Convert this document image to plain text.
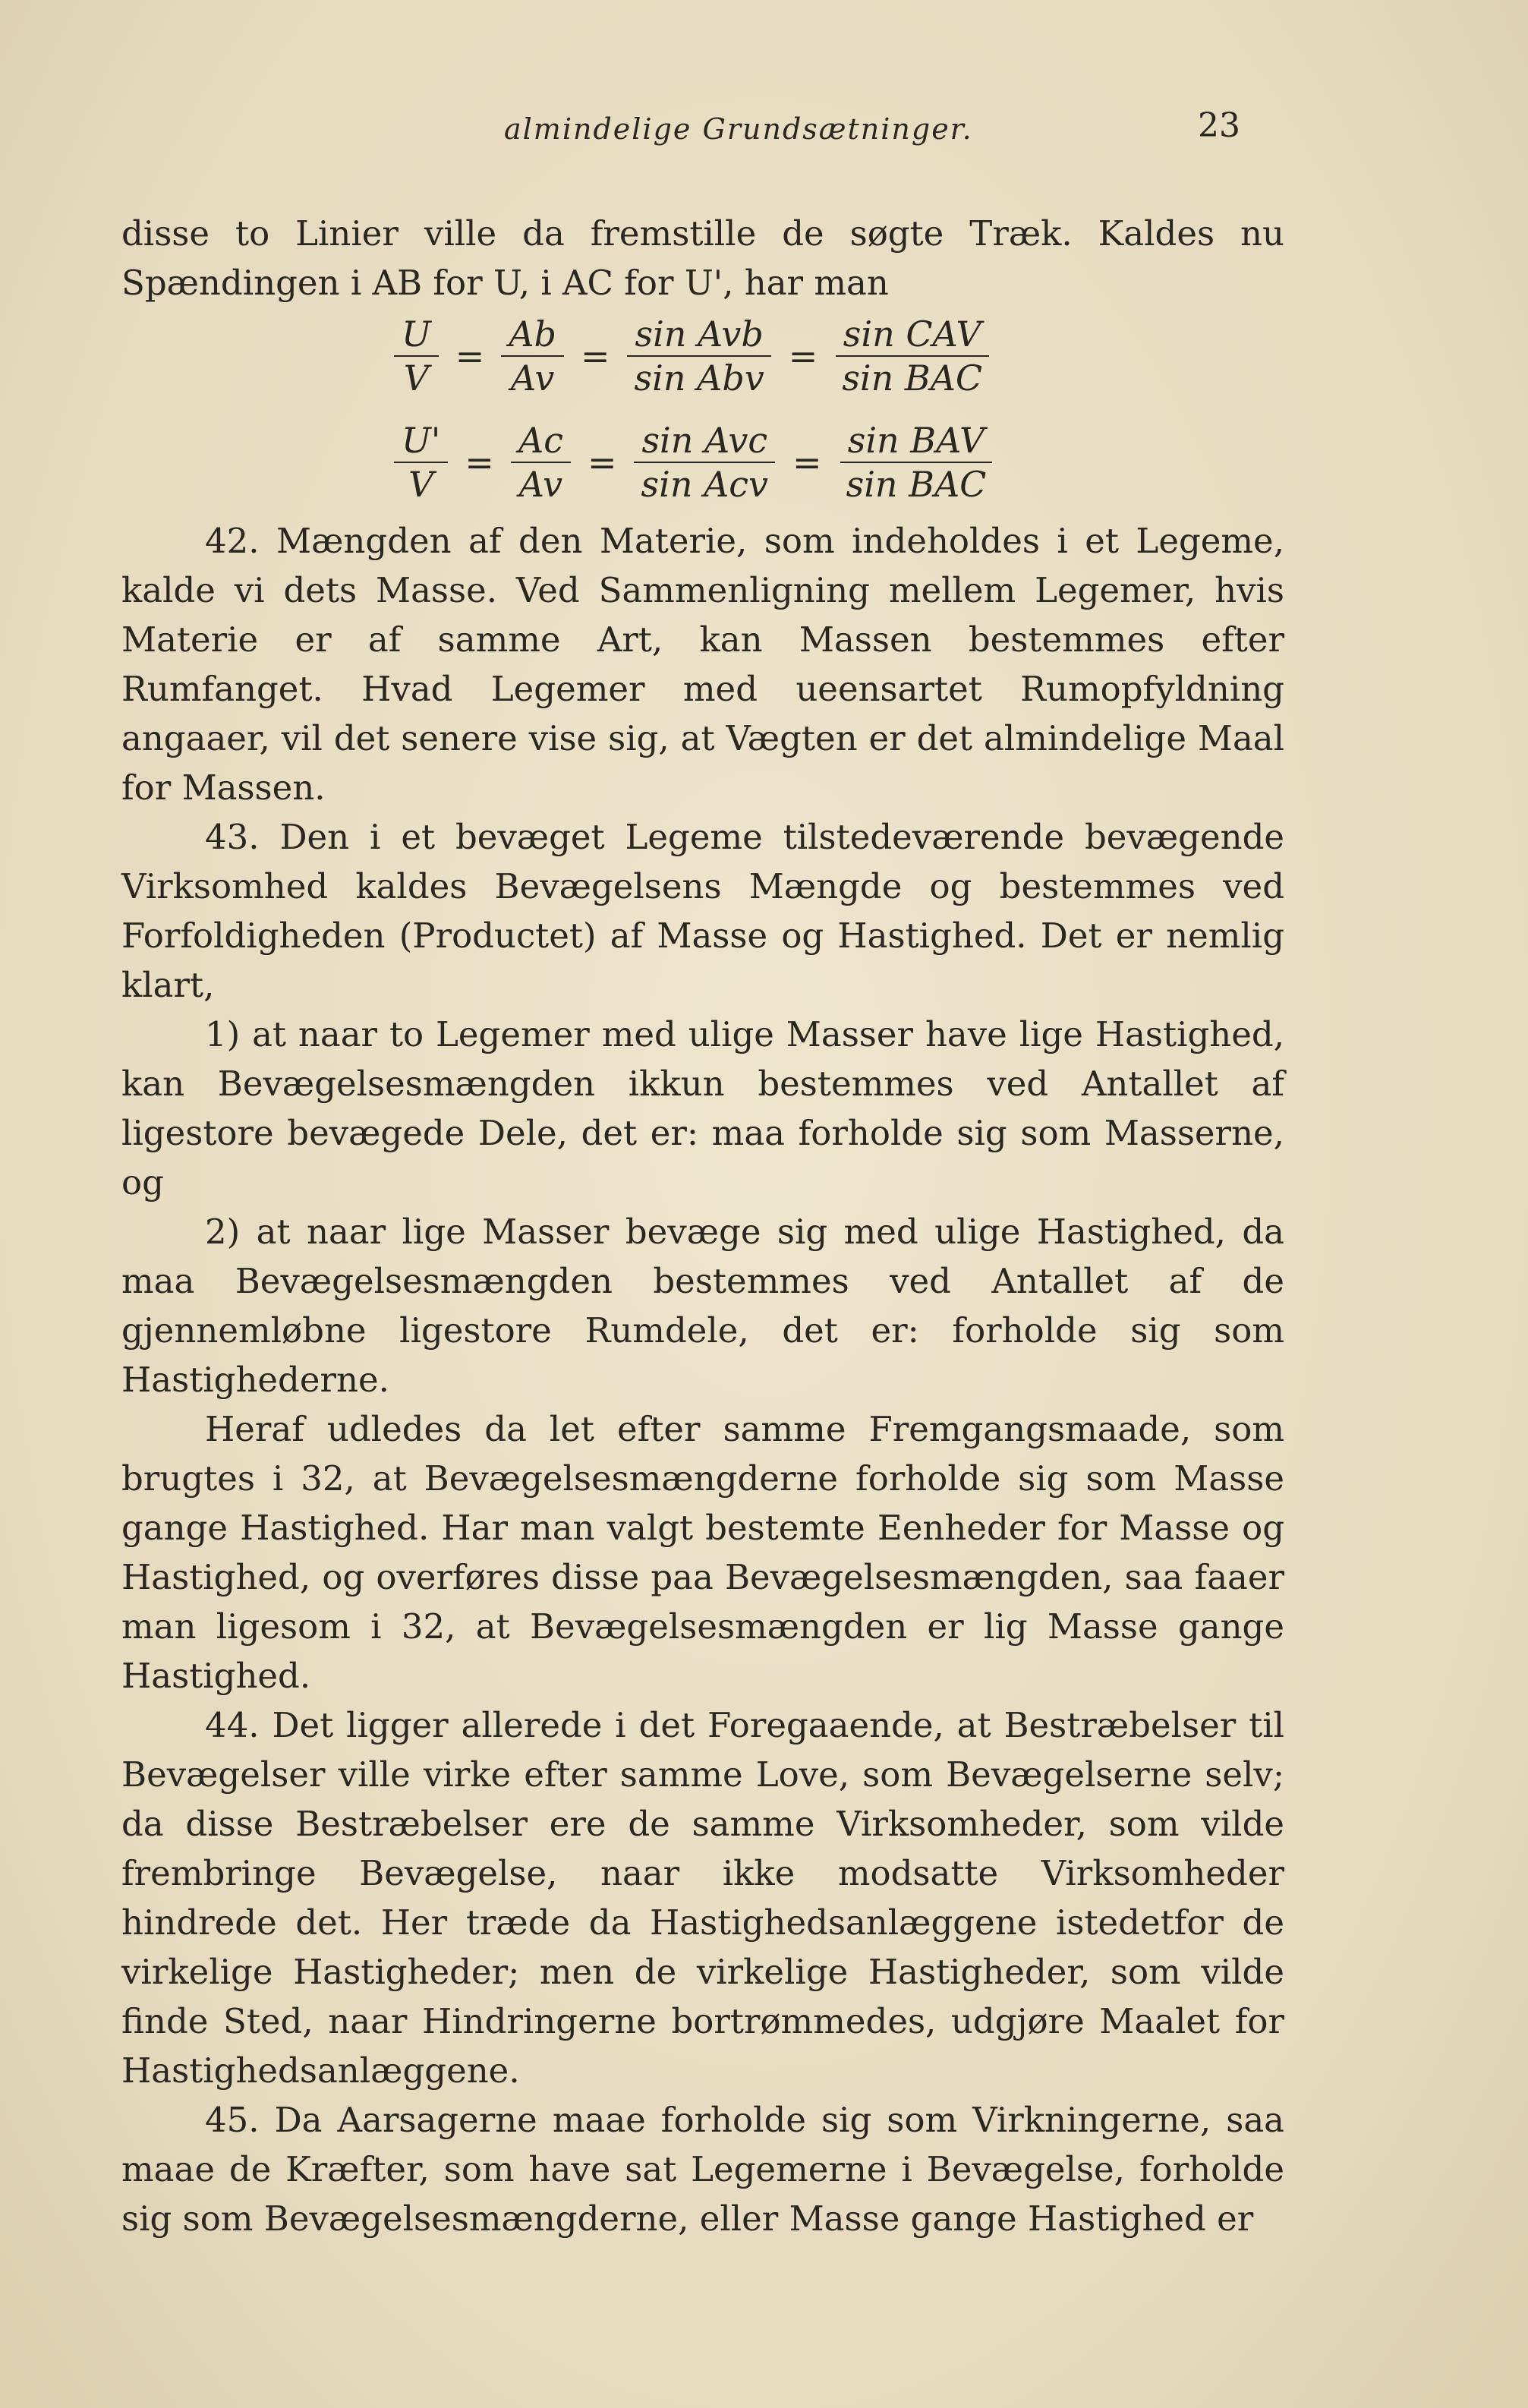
almindelige Grundsætninger.	23

disse to Linier ville da fremstille de søgte Træk. Kaldes nu Spændingen i AB for U, i AC for U', har man

$\frac{U}{V} = \frac{Ab}{Av} = \frac{\text{sin Avb}}{\text{sin Abv}} = \frac{\text{sin CAV}}{\text{sin BAC}}$
$\frac{U'}{V} = \frac{Ac}{Av} = \frac{\text{sin Avc}}{\text{sin Acv}} = \frac{\text{sin BAV}}{\text{sin BAC}}$

42. Mængden af den Materie, som indeholdes i et Legeme, kalde vi dets Masse. Ved Sammenligning mellem Legemer, hvis Materie er af samme Art, kan Massen bestemmes efter Rumfanget. Hvad Legemer med ueensartet Rumopfyldning angaaer, vil det senere vise sig, at Vægten er det almindelige Maal for Massen.

43. Den i et bevæget Legeme tilstedeværende bevægende Virksomhed kaldes Bevægelsens Mængde og bestemmes ved Forfoldigheden (Productet) af Masse og Hastighed. Det er nemlig klart,

1) at naar to Legemer med ulige Masser have lige Hastighed, kan Bevægelsesmængden ikkun bestemmes ved Antallet af ligestore bevægede Dele, det er: maa forholde sig som Masserne, og

2) at naar lige Masser bevæge sig med ulige Hastighed, da maa Bevægelsesmængden bestemmes ved Antallet af de gjennemløbne ligestore Rumdele, det er: forholde sig som Hastighederne.

Heraf udledes da let efter samme Fremgangsmaade, som brugtes i 32, at Bevægelsesmængderne forholde sig som Masse gange Hastighed. Har man valgt bestemte Eenheder for Masse og Hastighed, og overføres disse paa Bevægelsesmængden, saa faaer man ligesom i 32, at Bevægelsesmængden er lig Masse gange Hastighed.

44. Det ligger allerede i det Foregaaende, at Bestræbelser til Bevægelser ville virke efter samme Love, som Bevægelserne selv; da disse Bestræbelser ere de samme Virksomheder, som vilde frembringe Bevægelse, naar ikke modsatte Virksomheder hindrede det. Her træde da Hastighedsanlæggene istedetfor de virkelige Hastigheder; men de virkelige Hastigheder, som vilde finde Sted, naar Hindringerne bortrømmedes, udgjøre Maalet for Hastighedsanlæggene.

45. Da Aarsagerne maae forholde sig som Virkningerne, saa maae de Kræfter, som have sat Legemerne i Bevægelse, forholde sig som Bevægelsesmængderne, eller Masse gange Hastighed er
